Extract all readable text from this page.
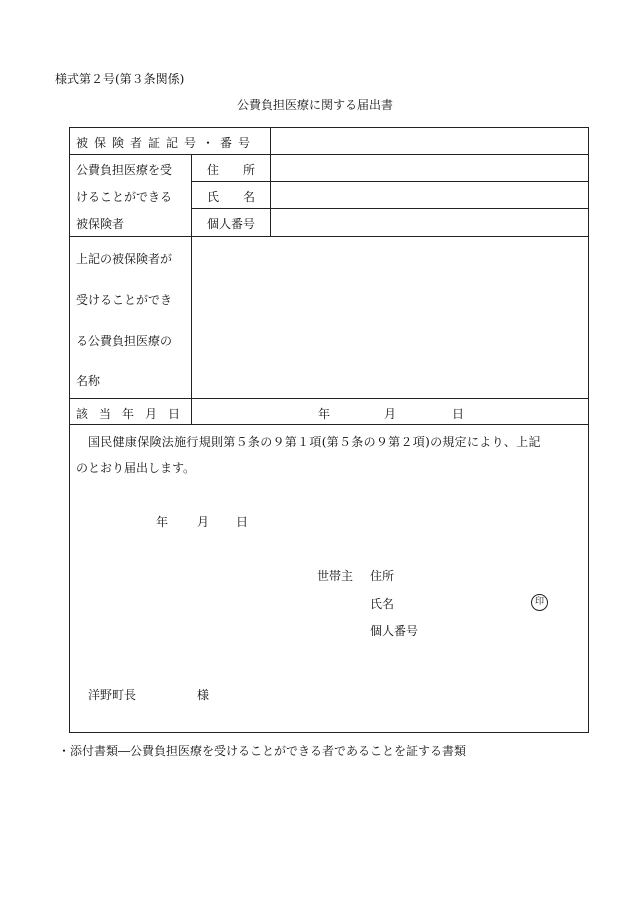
様式第２号(第３条関係)
公費負担医療に関する届出書
被保険者証記号・番号
公費負担医療を受
けることができる
被保険者
住　　所
氏　　名
個人番号
上記の被保険者が
受けることができ
る公費負担医療の
名称
該当年月日	年	月	日
国民健康保険法施行規則第５条の９第１項(第５条の９第２項)の規定により、上記
のとおり届出します。
年 月 日
世帯主 住所
氏名	印
個人番号
洋野町長	様
・添付書類―公費負担医療を受けることができる者であることを証する書類
